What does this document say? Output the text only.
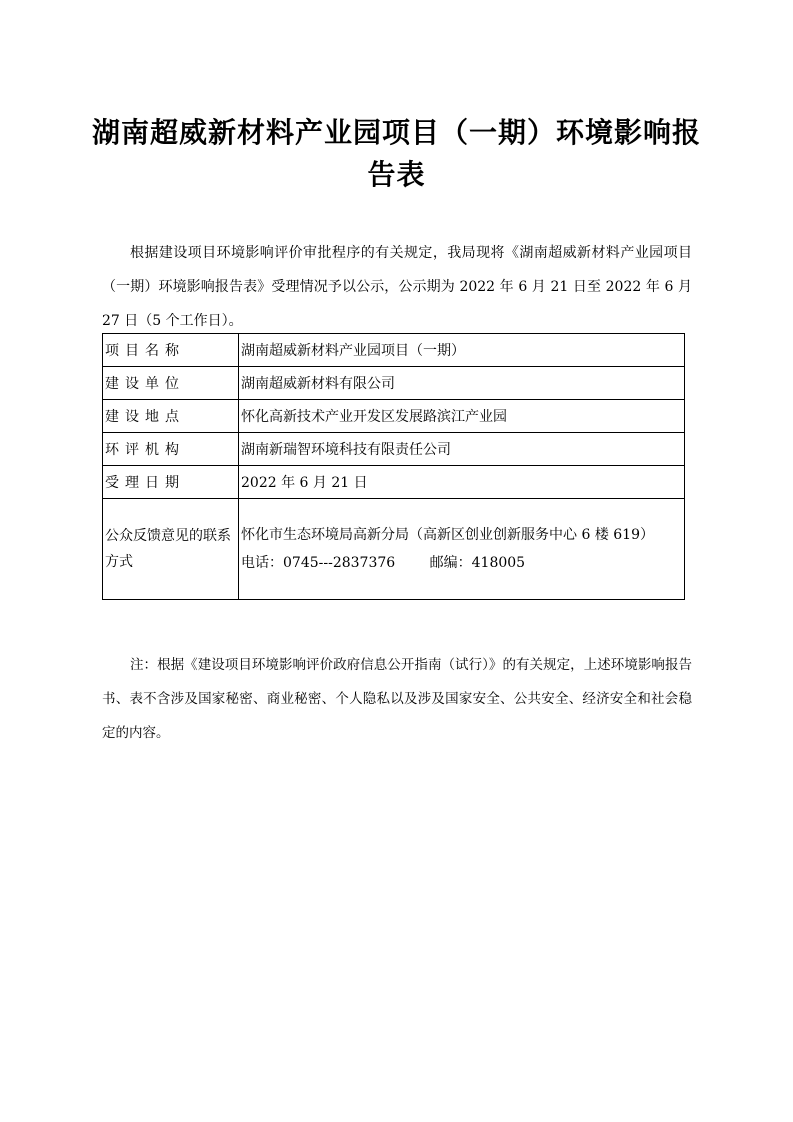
湖南超威新材料产业园项目（一期）环境影响报告表
根据建设项目环境影响评价审批程序的有关规定，我局现将《湖南超威新材料产业园项目（一期）环境影响报告表》受理情况予以公示，公示期为 2022 年 6 月 21 日至 2022 年 6 月 27 日（5 个工作日）。
项目名称	湖南超威新材料产业园项目（一期）
建设单位	湖南超威新材料有限公司
建设地点	怀化高新技术产业开发区发展路滨江产业园
环评机构	湖南新瑞智环境科技有限责任公司
受理日期	2022 年 6 月 21 日
公众反馈意见的联系方式	怀化市生态环境局高新分局（高新区创业创新服务中心 6 楼 619）
电话：0745---2837376 邮编：418005
注：根据《建设项目环境影响评价政府信息公开指南（试行）》的有关规定，上述环境影响报告书、表不含涉及国家秘密、商业秘密、个人隐私以及涉及国家安全、公共安全、经济安全和社会稳定的内容。
